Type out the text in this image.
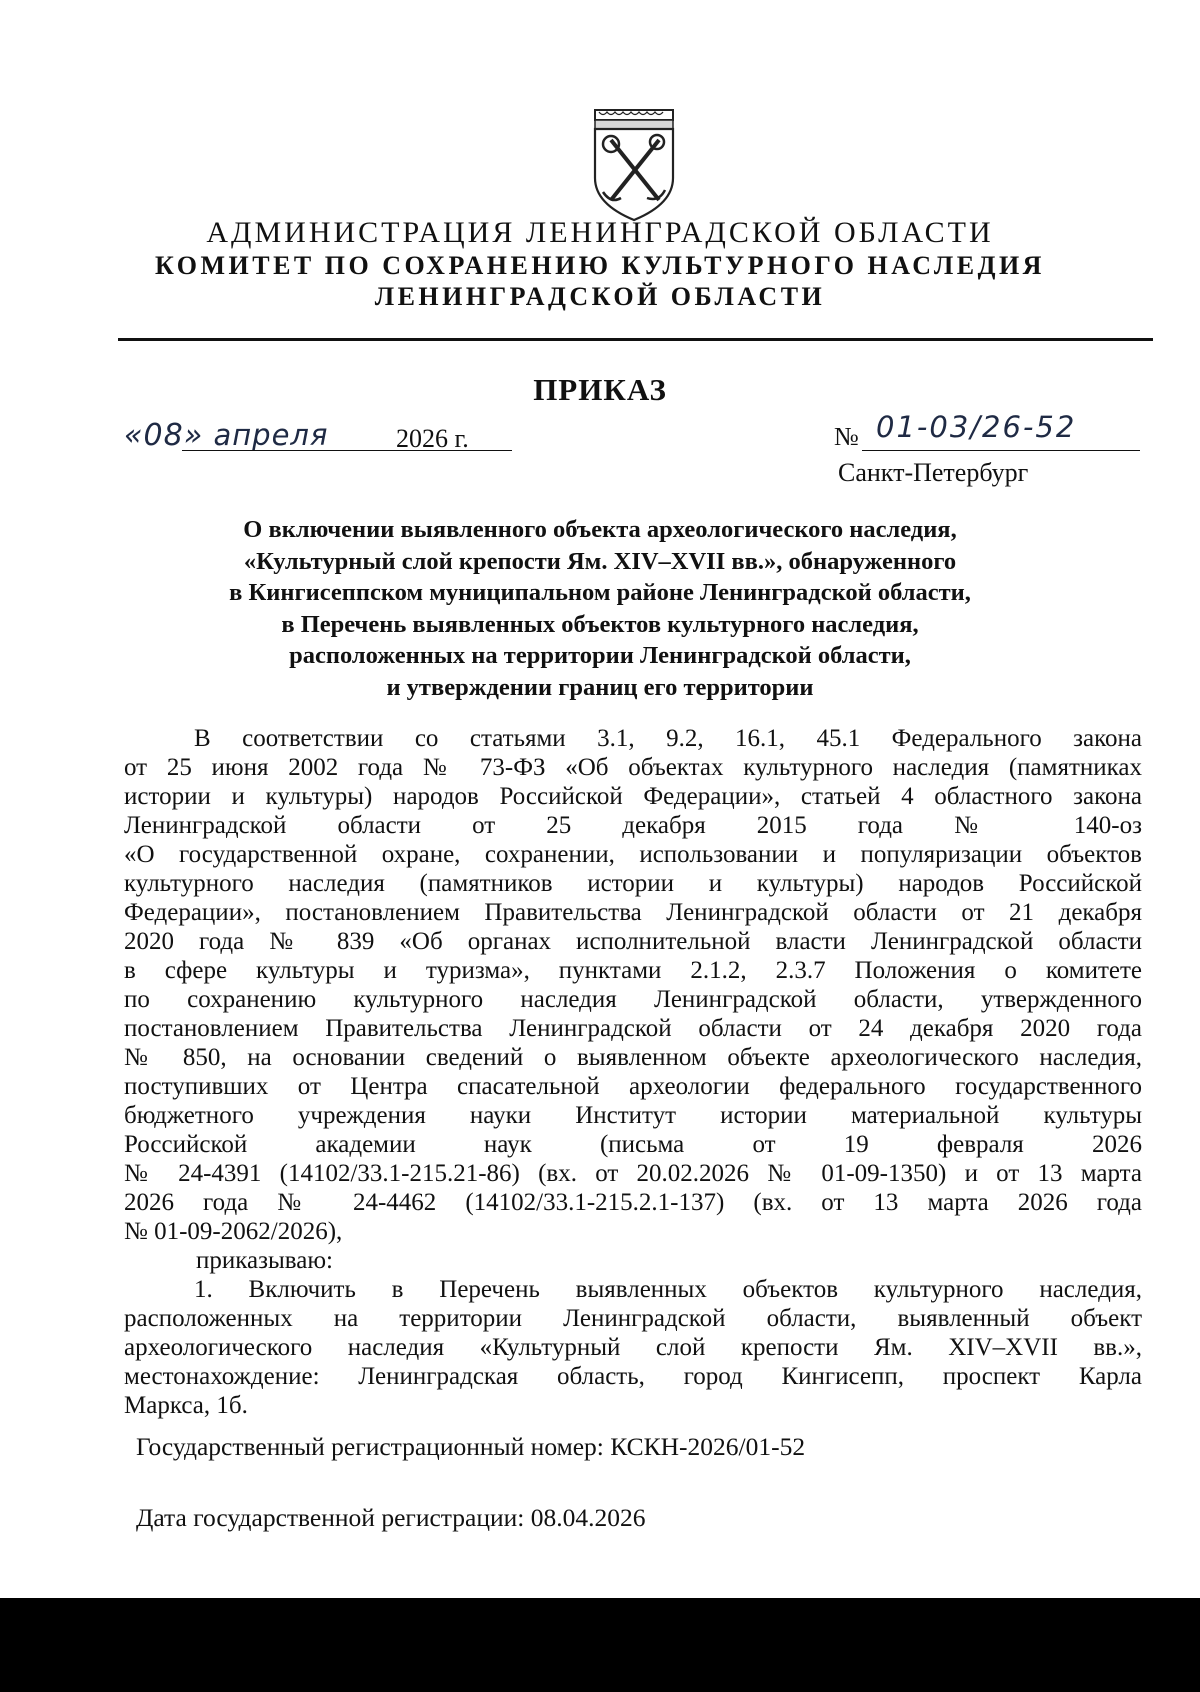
АДМИНИСТРАЦИЯ ЛЕНИНГРАДСКОЙ ОБЛАСТИ
КОМИТЕТ ПО СОХРАНЕНИЮ КУЛЬТУРНОГО НАСЛЕДИЯ
ЛЕНИНГРАДСКОЙ ОБЛАСТИ
ПРИКАЗ
«08» апреля	2026 г.	№ 01-03/26-52
Санкт-Петербург
О включении выявленного объекта археологического наследия,
«Культурный слой крепости Ям. XIV–XVII вв.», обнаруженного
в Кингисеппском муниципальном районе Ленинградской области,
в Перечень выявленных объектов культурного наследия,
расположенных на территории Ленинградской области,
и утверждении границ его территории
В соответствии со статьями 3.1, 9.2, 16.1, 45.1 Федерального закона
от 25 июня 2002 года № 73-ФЗ «Об объектах культурного наследия (памятниках
истории и культуры) народов Российской Федерации», статьей 4 областного закона
Ленинградской области от 25 декабря 2015 года № 140-оз
«О государственной охране, сохранении, использовании и популяризации объектов
культурного наследия (памятников истории и культуры) народов Российской
Федерации», постановлением Правительства Ленинградской области от 21 декабря
2020 года № 839 «Об органах исполнительной власти Ленинградской области
в сфере культуры и туризма», пунктами 2.1.2, 2.3.7 Положения о комитете
по сохранению культурного наследия Ленинградской области, утвержденного
постановлением Правительства Ленинградской области от 24 декабря 2020 года
№ 850, на основании сведений о выявленном объекте археологического наследия,
поступивших от Центра спасательной археологии федерального государственного
бюджетного учреждения науки Институт истории материальной культуры
Российской академии наук (письма от 19 февраля 2026
№ 24-4391 (14102/33.1-215.21-86) (вх. от 20.02.2026 № 01-09-1350) и от 13 марта
2026 года № 24-4462 (14102/33.1-215.2.1-137) (вх. от 13 марта 2026 года
№ 01-09-2062/2026),
приказываю:
1. Включить в Перечень выявленных объектов культурного наследия,
расположенных на территории Ленинградской области, выявленный объект
археологического наследия «Культурный слой крепости Ям. XIV–XVII вв.»,
местонахождение: Ленинградская область, город Кингисепп, проспект Карла
Маркса, 1б.
Государственный регистрационный номер: КСКН-2026/01-52
Дата государственной регистрации: 08.04.2026
